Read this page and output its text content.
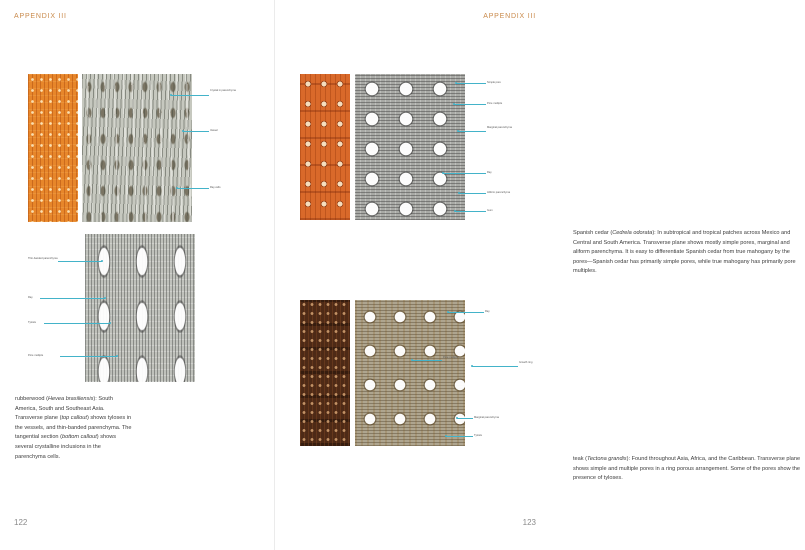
APPENDIX III
Crystal in parenchyma
Vessel
Ray cells
Thin-banded parenchyma
Ray
Tylosis
Pore multiple
rubberwood (Hevea brasiliensis): South America, South and Southeast Asia. Transverse plane (top callout) shows tyloses in the vessels, and thin-banded parenchyma. The tangential section (bottom callout) shows several crystalline inclusions in the parenchyma cells.
122
APPENDIX III
Simple pore
Pore multiple
Marginal parenchyma
Ray
Aliform parenchyma
Gum
Spanish cedar (Cedrela odorata): In subtropical and tropical patches across Mexico and Central and South America. Transverse plane shows mostly simple pores, marginal and aliform parenchyma. It is easy to differentiate Spanish cedar from true mahogany by the pores—Spanish cedar has primarily simple pores, while true mahogany has primarily pore multiples.
Ray
Pore multiple
Growth ring
Marginal parenchyma
Tylosis
teak (Tectona grandis): Found throughout Asia, Africa, and the Caribbean. Transverse plane shows simple and multiple pores in a ring porous arrangement. Some of the pores show the presence of tyloses.
123
